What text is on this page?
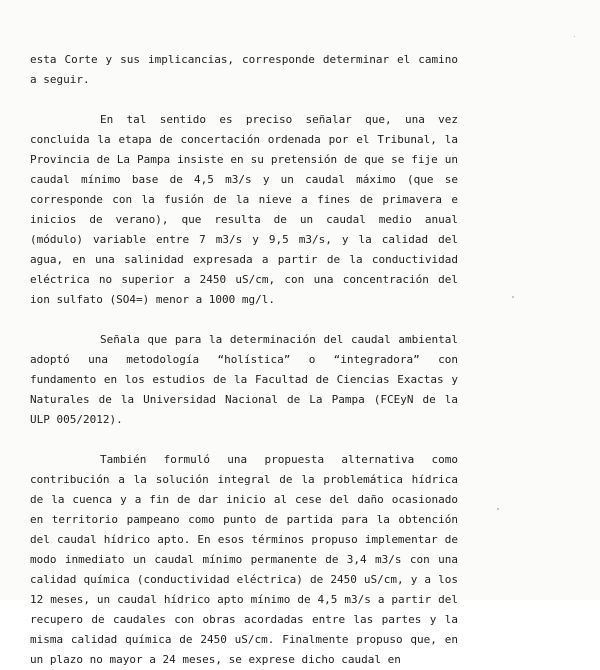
esta Corte y sus implicancias, corresponde determinar el camino a seguir.

En tal sentido es preciso señalar que, una vez concluida la etapa de concertación ordenada por el Tribunal, la Provincia de La Pampa insiste en su pretensión de que se fije un caudal mínimo base de 4,5 m3/s y un caudal máximo (que se corresponde con la fusión de la nieve a fines de primavera e inicios de verano), que resulta de un caudal medio anual (módulo) variable entre 7 m3/s y 9,5 m3/s, y la calidad del agua, en una salinidad expresada a partir de la conductividad eléctrica no superior a 2450 uS/cm, con una concentración del ion sulfato (SO4=) menor a 1000 mg/l.

Señala que para la determinación del caudal ambiental adoptó una metodología “holística” o “integradora” con fundamento en los estudios de la Facultad de Ciencias Exactas y Naturales de la Universidad Nacional de La Pampa (FCEyN de la ULP 005/2012).

También formuló una propuesta alternativa como contribución a la solución integral de la problemática hídrica de la cuenca y a fin de dar inicio al cese del daño ocasionado en territorio pampeano como punto de partida para la obtención del caudal hídrico apto. En esos términos propuso implementar de modo inmediato un caudal mínimo permanente de 3,4 m3/s con una calidad química (conductividad eléctrica) de 2450 uS/cm, y a los 12 meses, un caudal hídrico apto mínimo de 4,5 m3/s a partir del recupero de caudales con obras acordadas entre las partes y la misma calidad química de 2450 uS/cm. Finalmente propuso que, en un plazo no mayor a 24 meses, se exprese dicho caudal en
